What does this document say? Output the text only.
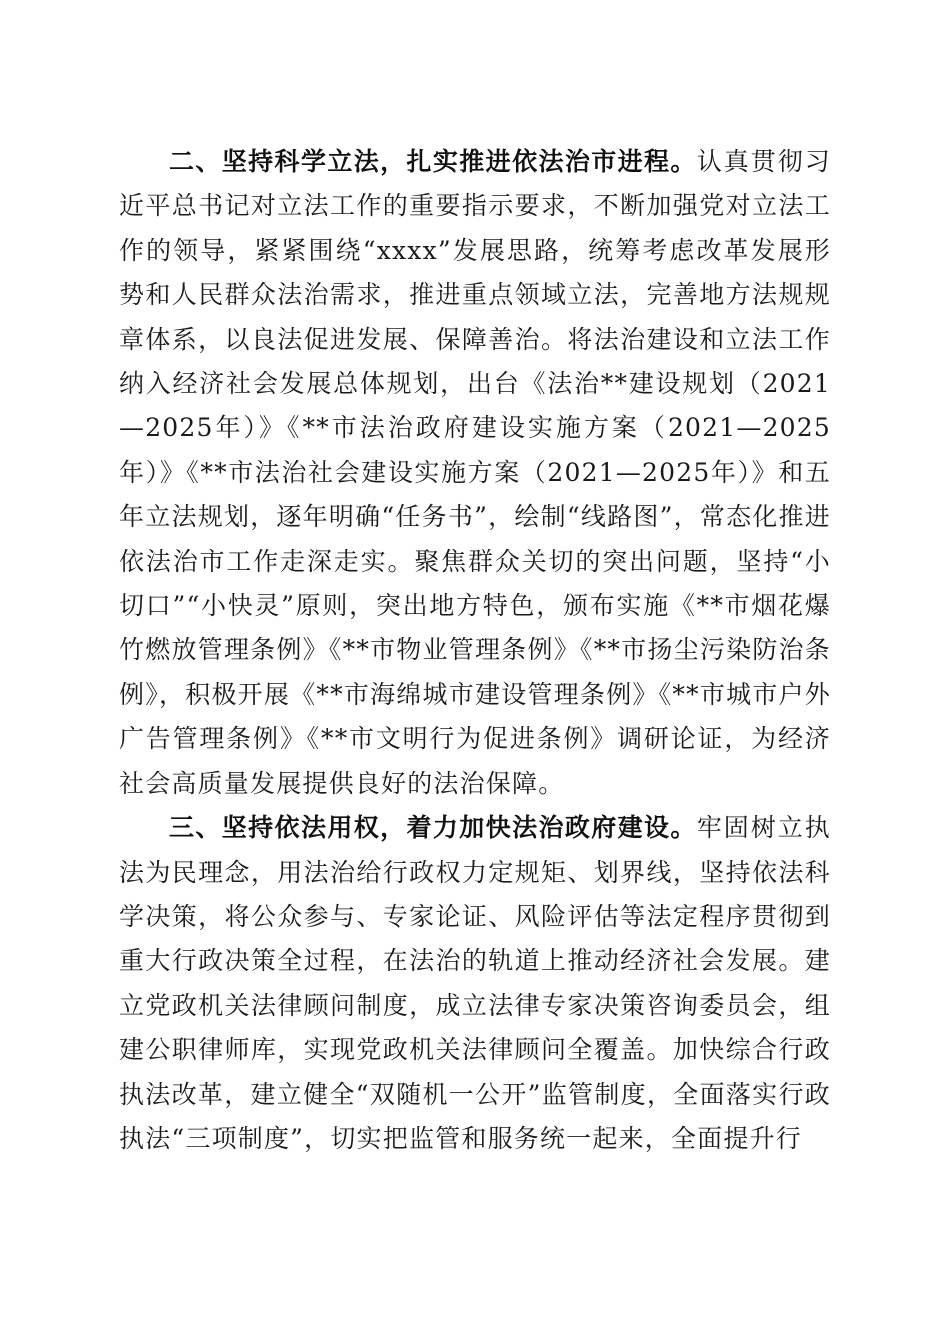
二、坚持科学立法，扎实推进依法治市进程。认真贯彻习近平总书记对立法工作的重要指示要求，不断加强党对立法工作的领导，紧紧围绕“xxxx”发展思路，统筹考虑改革发展形势和人民群众法治需求，推进重点领域立法，完善地方法规规章体系，以良法促进发展、保障善治。将法治建设和立法工作纳入经济社会发展总体规划，出台《法治**建设规划（2021—2025年）》《**市法治政府建设实施方案（2021—2025年）》《**市法治社会建设实施方案（2021—2025年）》和五年立法规划，逐年明确“任务书”，绘制“线路图”，常态化推进依法治市工作走深走实。聚焦群众关切的突出问题，坚持“小切口”“小快灵”原则，突出地方特色，颁布实施《**市烟花爆竹燃放管理条例》《**市物业管理条例》《**市扬尘污染防治条例》，积极开展《**市海绵城市建设管理条例》《**市城市户外广告管理条例》《**市文明行为促进条例》调研论证，为经济社会高质量发展提供良好的法治保障。

三、坚持依法用权，着力加快法治政府建设。牢固树立执法为民理念，用法治给行政权力定规矩、划界线，坚持依法科学决策，将公众参与、专家论证、风险评估等法定程序贯彻到重大行政决策全过程，在法治的轨道上推动经济社会发展。建立党政机关法律顾问制度，成立法律专家决策咨询委员会，组建公职律师库，实现党政机关法律顾问全覆盖。加快综合行政执法改革，建立健全“双随机一公开”监管制度，全面落实行政执法“三项制度”，切实把监管和服务统一起来，全面提升行
